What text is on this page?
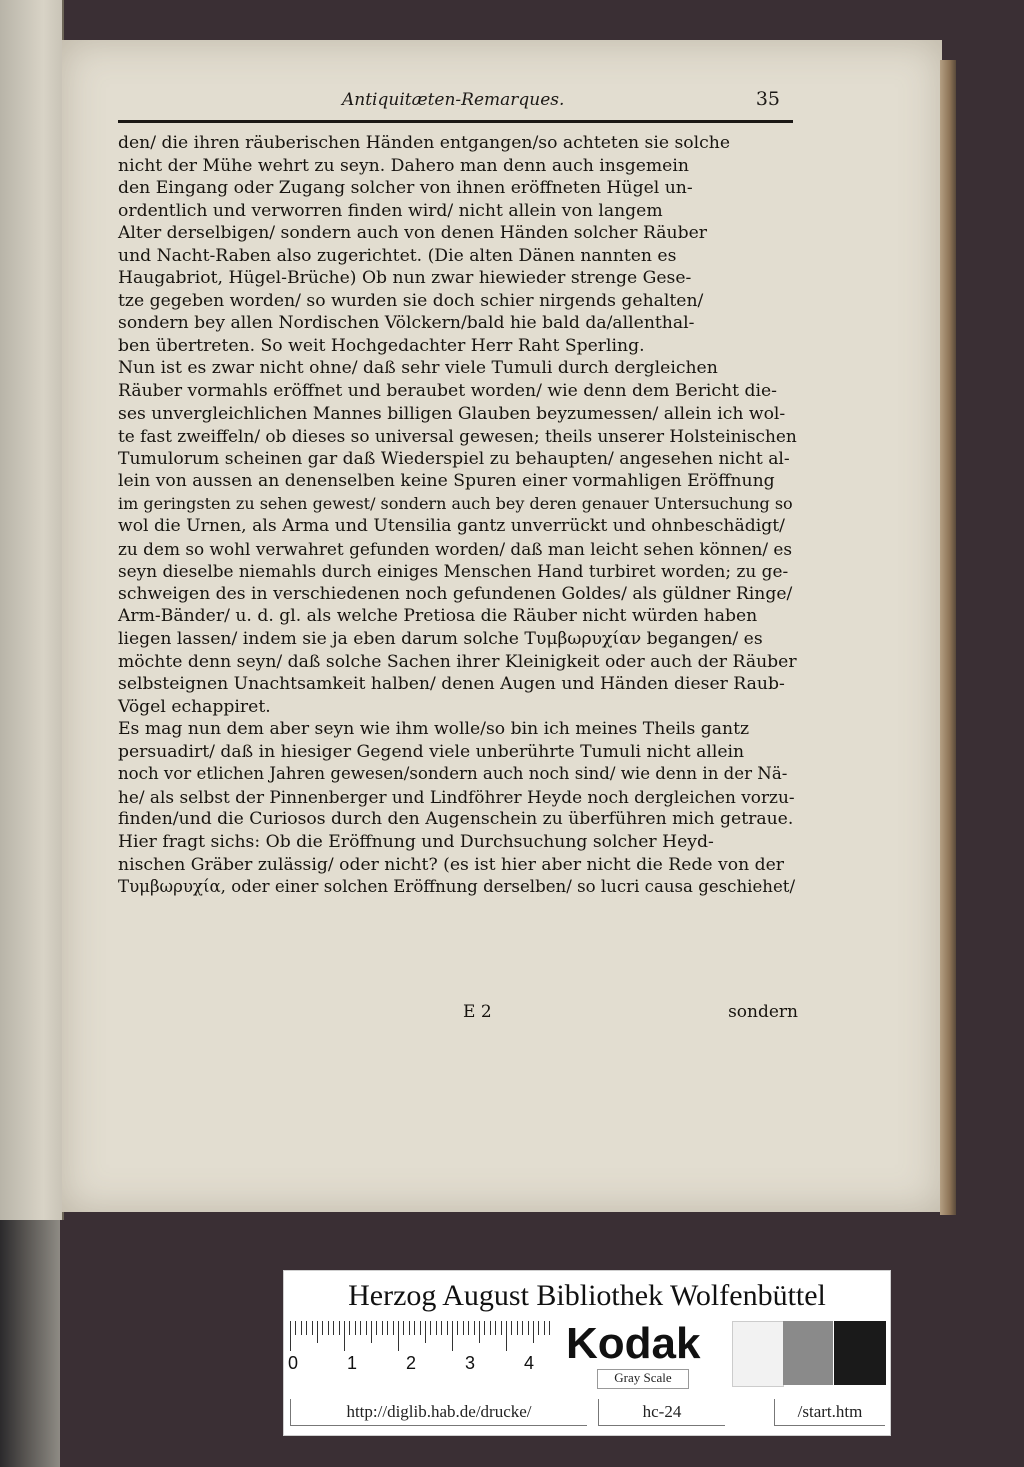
Antiquitæten-Remarques.	35
den/ die ihren räuberischen Händen entgangen/so achteten sie solche
nicht der Mühe wehrt zu seyn. Dahero man denn auch insgemein
den Eingang oder Zugang solcher von ihnen eröffneten Hügel un-
ordentlich und verworren finden wird/ nicht allein von langem
Alter derselbigen/ sondern auch von denen Händen solcher Räuber
und Nacht-Raben also zugerichtet. (Die alten Dänen nannten es
Haugabriot, Hügel-Brüche) Ob nun zwar hiewieder strenge Gese-
tze gegeben worden/ so wurden sie doch schier nirgends gehalten/
sondern bey allen Nordischen Völckern/bald hie bald da/allenthal-
ben übertreten. So weit Hochgedachter Herr Raht Sperling.
Nun ist es zwar nicht ohne/ daß sehr viele Tumuli durch dergleichen
Räuber vormahls eröffnet und beraubet worden/ wie denn dem Bericht die-
ses unvergleichlichen Mannes billigen Glauben beyzumessen/ allein ich wol-
te fast zweiffeln/ ob dieses so universal gewesen; theils unserer Holsteinischen
Tumulorum scheinen gar daß Wiederspiel zu behaupten/ angesehen nicht al-
lein von aussen an denenselben keine Spuren einer vormahligen Eröffnung
im geringsten zu sehen gewest/ sondern auch bey deren genauer Untersuchung so
wol die Urnen, als Arma und Utensilia gantz unverrückt und ohnbeschädigt/
zu dem so wohl verwahret gefunden worden/ daß man leicht sehen können/ es
seyn dieselbe niemahls durch einiges Menschen Hand turbiret worden; zu ge-
schweigen des in verschiedenen noch gefundenen Goldes/ als güldner Ringe/
Arm-Bänder/ u. d. gl. als welche Pretiosa die Räuber nicht würden haben
liegen lassen/ indem sie ja eben darum solche Τυμβωρυχίαν begangen/ es
möchte denn seyn/ daß solche Sachen ihrer Kleinigkeit oder auch der Räuber
selbsteignen Unachtsamkeit halben/ denen Augen und Händen dieser Raub-
Vögel echappiret.
Es mag nun dem aber seyn wie ihm wolle/so bin ich meines Theils gantz
persuadirt/ daß in hiesiger Gegend viele unberührte Tumuli nicht allein
noch vor etlichen Jahren gewesen/sondern auch noch sind/ wie denn in der Nä-
he/ als selbst der Pinnenberger und Lindföhrer Heyde noch dergleichen vorzu-
finden/und die Curiosos durch den Augenschein zu überführen mich getraue.
Hier fragt sichs: Ob die Eröffnung und Durchsuchung solcher Heyd-
nischen Gräber zulässig/ oder nicht? (es ist hier aber nicht die Rede von der
Τυμβωρυχία, oder einer solchen Eröffnung derselben/ so lucri causa geschiehet/
E 2	sondern
Herzog August Bibliothek Wolfenbüttel
0	1	2	3	4 Kodak
Gray Scale
http://diglib.hab.de/drucke/	hc-24	/start.htm
